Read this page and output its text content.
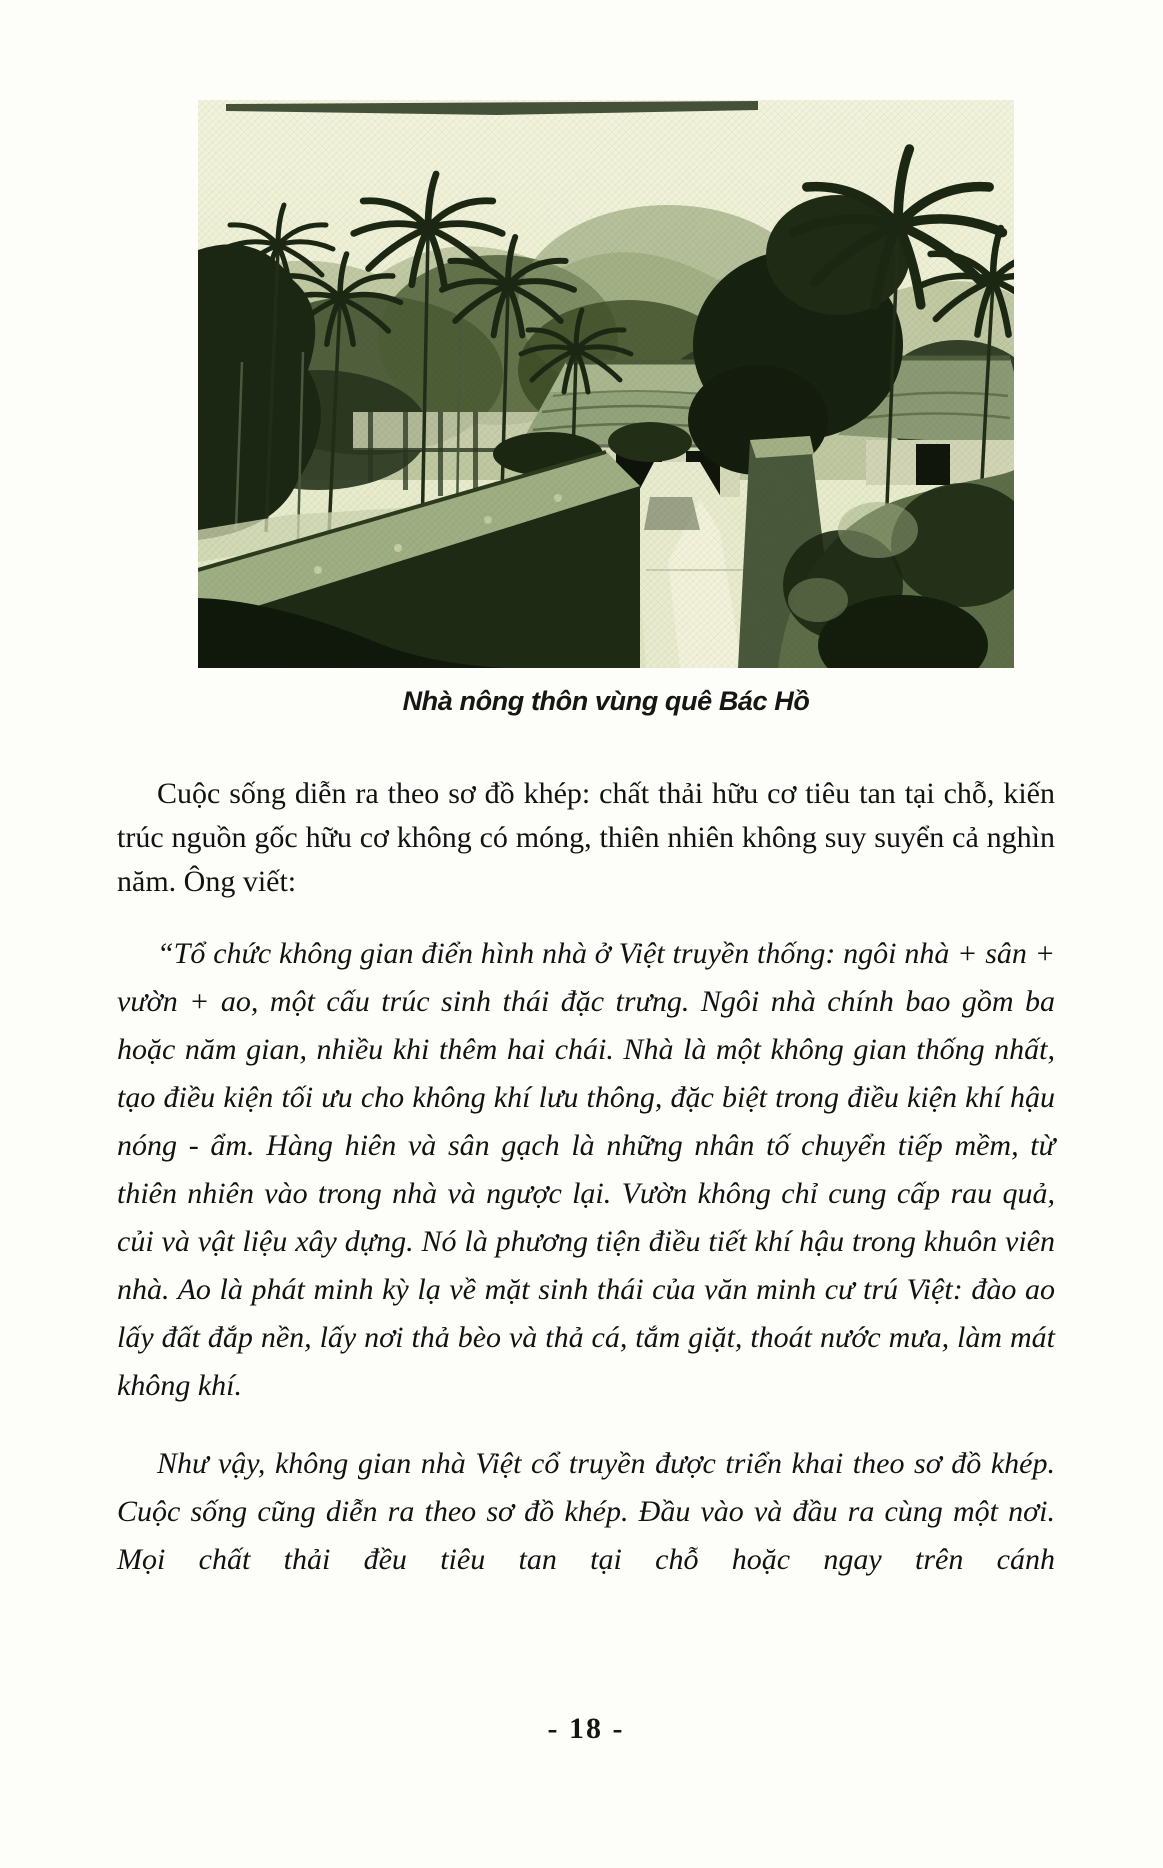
Nhà nông thôn vùng quê Bác Hồ

Cuộc sống diễn ra theo sơ đồ khép: chất thải hữu cơ tiêu tan tại chỗ, kiến trúc nguồn gốc hữu cơ không có móng, thiên nhiên không suy suyển cả nghìn năm. Ông viết:

“Tổ chức không gian điển hình nhà ở Việt truyền thống: ngôi nhà + sân + vườn + ao, một cấu trúc sinh thái đặc trưng. Ngôi nhà chính bao gồm ba hoặc năm gian, nhiều khi thêm hai chái. Nhà là một không gian thống nhất, tạo điều kiện tối ưu cho không khí lưu thông, đặc biệt trong điều kiện khí hậu nóng - ẩm. Hàng hiên và sân gạch là những nhân tố chuyển tiếp mềm, từ thiên nhiên vào trong nhà và ngược lại. Vườn không chỉ cung cấp rau quả, củi và vật liệu xây dựng. Nó là phương tiện điều tiết khí hậu trong khuôn viên nhà. Ao là phát minh kỳ lạ về mặt sinh thái của văn minh cư trú Việt: đào ao lấy đất đắp nền, lấy nơi thả bèo và thả cá, tắm giặt, thoát nước mưa, làm mát không khí.

Như vậy, không gian nhà Việt cổ truyền được triển khai theo sơ đồ khép. Cuộc sống cũng diễn ra theo sơ đồ khép. Đầu vào và đầu ra cùng một nơi. Mọi chất thải đều tiêu tan tại chỗ hoặc ngay trên cánh

- 18 -
